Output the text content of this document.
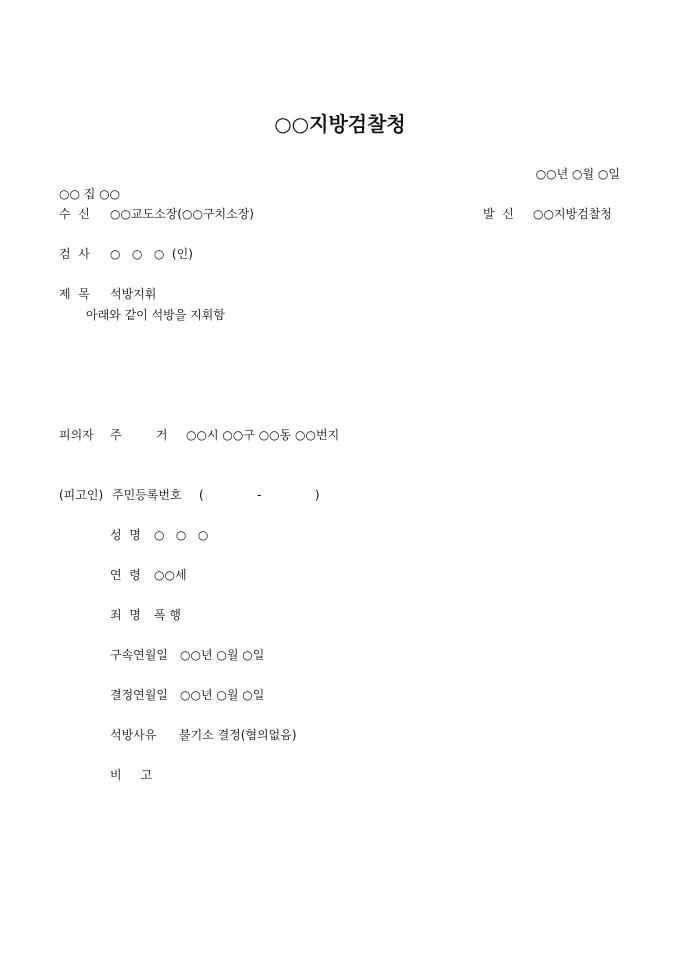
○○지방검찰청
○○년 ○월 ○일
○○ 집 ○○
수  신 ○○교도소장(○○구치소장)	발  신 ○○지방검찰청
검  사 ○   ○   ○  (인)
제  목 석방지휘
아래와 같이 석방을 지휘함
피의자 주         거 ○○시 ○○구 ○○동 ○○번지
(피고인) 주민등록번호 (              -              )
성  명 ○   ○   ○
연  령 ○○세
죄  명 폭 행
구속연월일 ○○년 ○월 ○일
결정연월일 ○○년 ○월 ○일
석방사유 불기소 결정(혐의없음)
비     고
